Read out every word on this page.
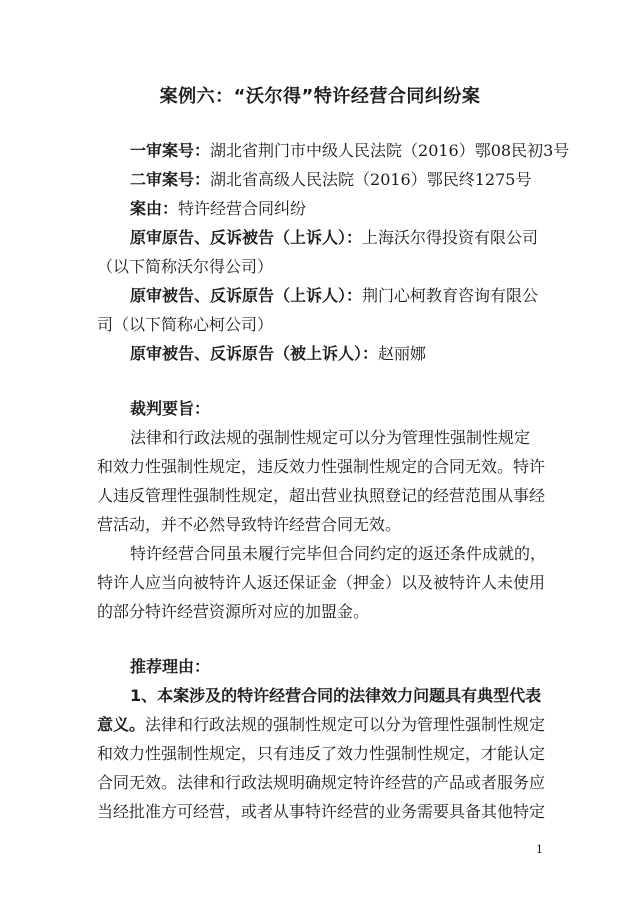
案例六：“沃尔得”特许经营合同纠纷案
一审案号：湖北省荆门市中级人民法院（2016）鄂08民初3号
二审案号：湖北省高级人民法院（2016）鄂民终1275号
案由：特许经营合同纠纷
原审原告、反诉被告（上诉人）：上海沃尔得投资有限公司
（以下简称沃尔得公司）
原审被告、反诉原告（上诉人）：荆门心柯教育咨询有限公
司（以下简称心柯公司）
原审被告、反诉原告（被上诉人）：赵丽娜
裁判要旨：
法律和行政法规的强制性规定可以分为管理性强制性规定
和效力性强制性规定，违反效力性强制性规定的合同无效。特许
人违反管理性强制性规定，超出营业执照登记的经营范围从事经
营活动，并不必然导致特许经营合同无效。
特许经营合同虽未履行完毕但合同约定的返还条件成就的，
特许人应当向被特许人返还保证金（押金）以及被特许人未使用
的部分特许经营资源所对应的加盟金。
推荐理由：
1、本案涉及的特许经营合同的法律效力问题具有典型代表
意义。法律和行政法规的强制性规定可以分为管理性强制性规定
和效力性强制性规定，只有违反了效力性强制性规定，才能认定
合同无效。法律和行政法规明确规定特许经营的产品或者服务应
当经批准方可经营，或者从事特许经营的业务需要具备其他特定
1
